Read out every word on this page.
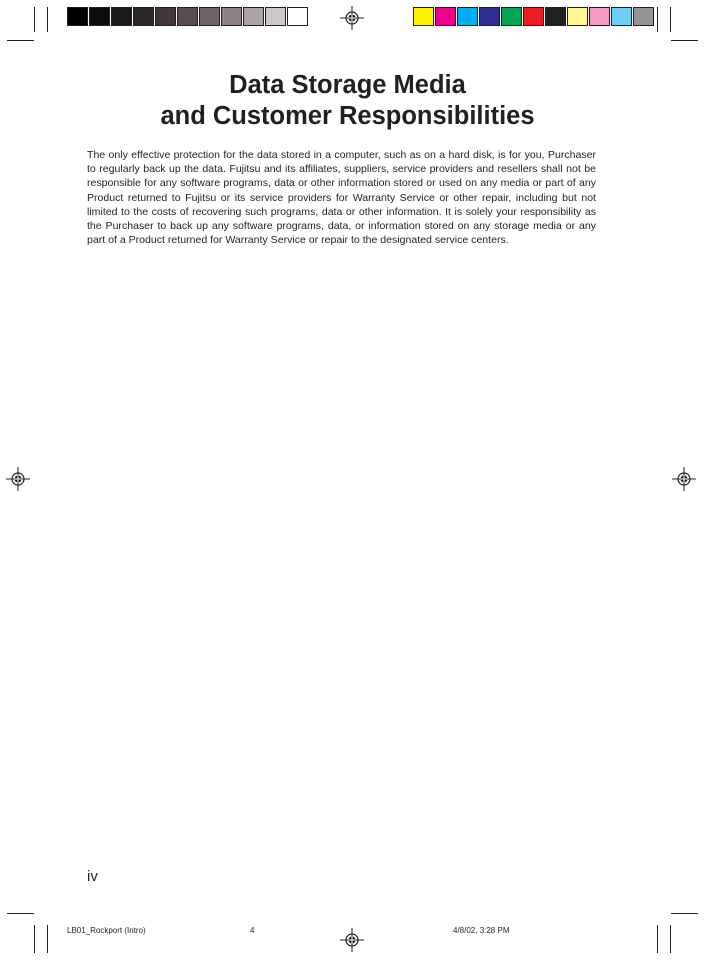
Data Storage Media
and Customer Responsibilities

The only effective protection for the data stored in a computer, such as on a hard disk, is for you, Purchaser to regularly back up the data. Fujitsu and its affiliates, suppliers, service providers and resellers shall not be responsible for any software programs, data or other information stored or used on any media or part of any Product returned to Fujitsu or its service providers for Warranty Service or other repair, including but not limited to the costs of recovering such programs, data or other information. It is solely your responsibility as the Purchaser to back up any software programs, data, or information stored on any storage media or any part of a Product returned for Warranty Service or repair to the designated service centers.

iv
LB01_Rockport (Intro)	4	4/8/02, 3:28 PM
